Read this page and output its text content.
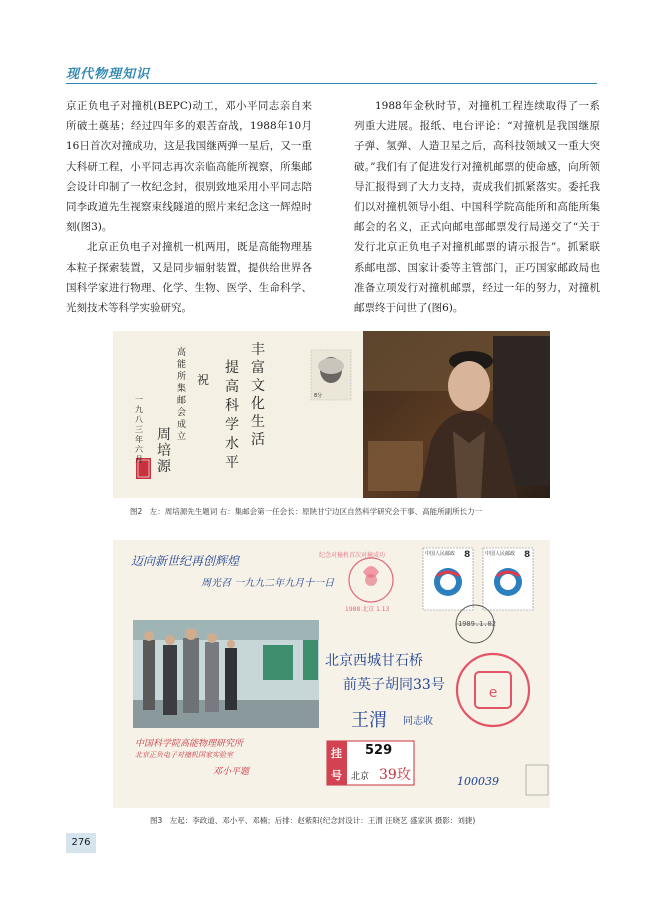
现代物理知识

京正负电子对撞机(BEPC)动工，邓小平同志亲自来所破土奠基；经过四年多的艰苦奋战，1988年10月16日首次对撞成功，这是我国继两弹一星后，又一重大科研工程，小平同志再次亲临高能所视察，所集邮会设计印制了一枚纪念封，很别致地采用小平同志陪同李政道先生视察束线隧道的照片来纪念这一辉煌时刻(图3)。

北京正负电子对撞机一机两用，既是高能物理基本粒子探索装置，又是同步辐射装置，提供给世界各国科学家进行物理、化学、生物、医学、生命科学、光刻技术等科学实验研究。

1988年金秋时节，对撞机工程连续取得了一系列重大进展。报纸、电台评论：“对撞机是我国继原子弹、氢弹、人造卫星之后，高科技领域又一重大突破。”我们有了促进发行对撞机邮票的使命感，向所领导汇报得到了大力支持，责成我们抓紧落实。委托我们以对撞机领导小组、中国科学院高能所和高能所集邮会的名义，正式向邮电部邮票发行局递交了“关于发行北京正负电子对撞机邮票的请示报告”。抓紧联系邮电部、国家计委等主管部门，正巧国家邮政局也准备立项发行对撞机邮票，经过一年的努力，对撞机邮票终于问世了(图6)。

8分
丰富文化生活
提高科学水平
祝
高能所集邮会成立
周培源
一九八三年六月
图2　左：周培源先生题词 右：集邮会第一任会长：原陕甘宁边区自然科学研究会干事、高能所副所长力一
e
迈向新世纪再创辉煌
周光召 一九九二年九月十一日
纪念对撞机首次对撞成功
1988 北京 1.13
中国人民邮政 8	中国人民邮政 8
1989.1.02
北京西城甘石桥
前英子胡同33号
王渭 同志收
中国科学院高能物理研究所
北京正负电子对撞机国家实验室
邓小平题
挂
号
529
北京 39玫	100039
图3　左起：李政道、邓小平、邓楠；后排：赵紫阳(纪念封设计：王渭 汪晓艺 盛家淇 摄影：刘捷)
276
